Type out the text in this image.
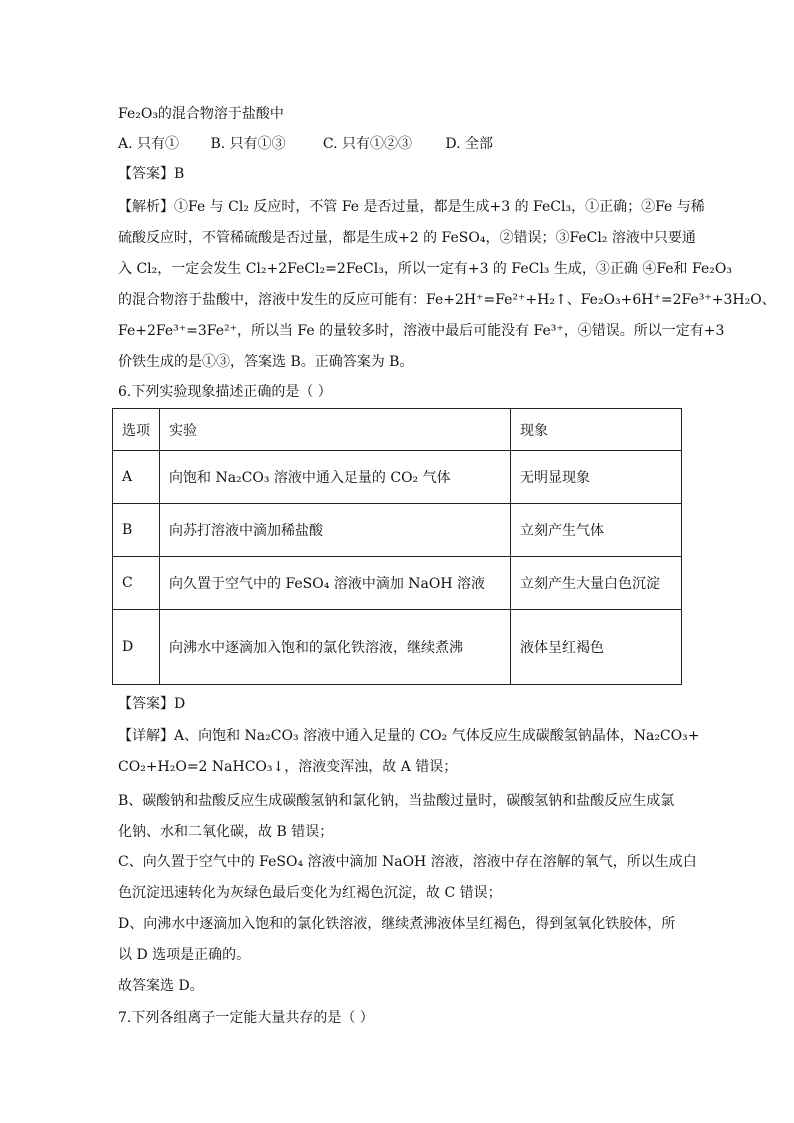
Fe₂O₃的混合物溶于盐酸中
A. 只有① B. 只有①③	C. 只有①②③ D. 全部
【答案】B
【解析】①Fe 与 Cl₂ 反应时，不管 Fe 是否过量，都是生成+3 的 FeCl₃，①正确；②Fe 与稀
硫酸反应时，不管稀硫酸是否过量，都是生成+2 的 FeSO₄，②错误；③FeCl₂ 溶液中只要通
入 Cl₂，一定会发生 Cl₂+2FeCl₂=2FeCl₃，所以一定有+3 的 FeCl₃ 生成，③正确 ④Fe和 Fe₂O₃
的混合物溶于盐酸中，溶液中发生的反应可能有：Fe+2H⁺=Fe²⁺+H₂↑、Fe₂O₃+6H⁺=2Fe³⁺+3H₂O、
Fe+2Fe³⁺=3Fe²⁺，所以当 Fe 的量较多时，溶液中最后可能没有 Fe³⁺，④错误。所以一定有+3
价铁生成的是①③，答案选 B。正确答案为 B。
6.下列实验现象描述正确的是（ ）
选项	实验	现象
A	向饱和 Na₂CO₃ 溶液中通入足量的 CO₂ 气体	无明显现象
B	向苏打溶液中滴加稀盐酸	立刻产生气体
C	向久置于空气中的 FeSO₄ 溶液中滴加 NaOH 溶液	立刻产生大量白色沉淀
D	向沸水中逐滴加入饱和的氯化铁溶液，继续煮沸	液体呈红褐色
【答案】D
【详解】A、向饱和 Na₂CO₃ 溶液中通入足量的 CO₂ 气体反应生成碳酸氢钠晶体，Na₂CO₃+
CO₂+H₂O=2 NaHCO₃↓，溶液变浑浊，故 A 错误；
B、碳酸钠和盐酸反应生成碳酸氢钠和氯化钠，当盐酸过量时，碳酸氢钠和盐酸反应生成氯
化钠、水和二氧化碳，故 B 错误；
C、向久置于空气中的 FeSO₄ 溶液中滴加 NaOH 溶液，溶液中存在溶解的氧气，所以生成白
色沉淀迅速转化为灰绿色最后变化为红褐色沉淀，故 C 错误；
D、向沸水中逐滴加入饱和的氯化铁溶液，继续煮沸液体呈红褐色，得到氢氧化铁胶体，所
以 D 选项是正确的。
故答案选 D。
7.下列各组离子一定能大量共存的是（ ）
